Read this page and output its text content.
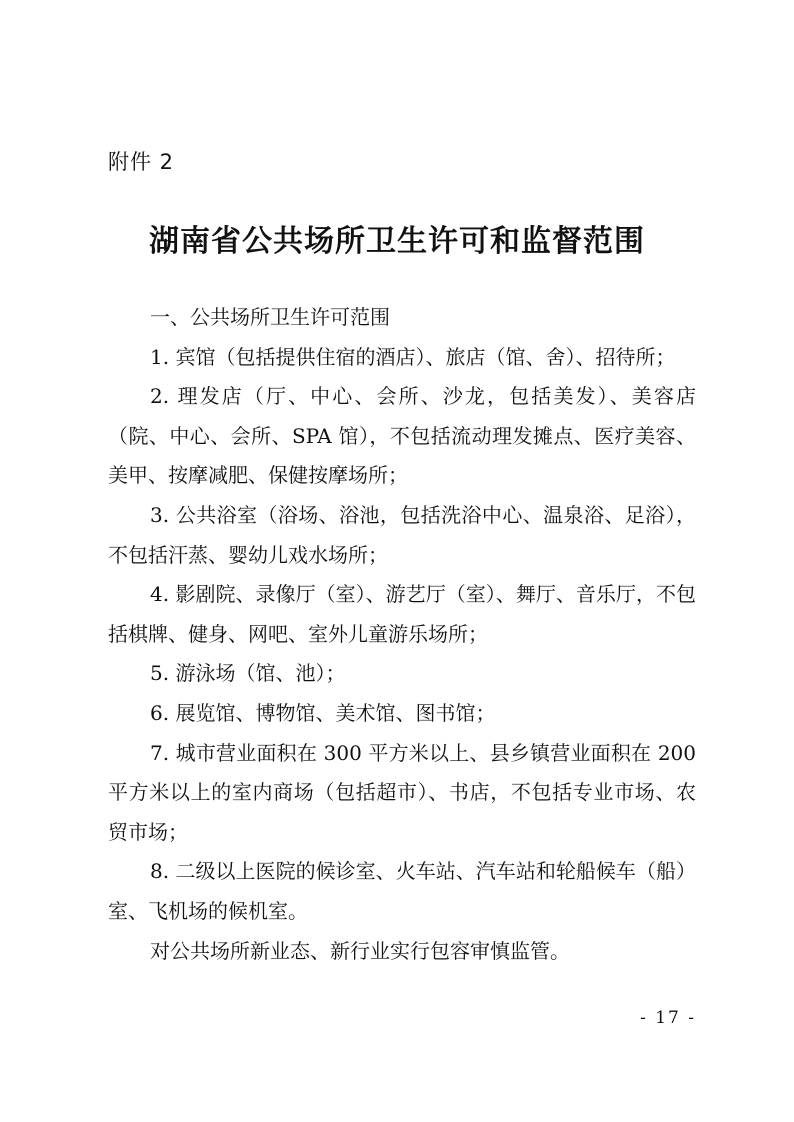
附件 2
湖南省公共场所卫生许可和监督范围

一、公共场所卫生许可范围

1. 宾馆（包括提供住宿的酒店）、旅店（馆、舍）、招待所；

2. 理发店（厅、中心、会所、沙龙，包括美发）、美容店（院、中心、会所、SPA 馆），不包括流动理发摊点、医疗美容、美甲、按摩减肥、保健按摩场所；

3. 公共浴室（浴场、浴池，包括洗浴中心、温泉浴、足浴），不包括汗蒸、婴幼儿戏水场所；

4. 影剧院、录像厅（室）、游艺厅（室）、舞厅、音乐厅，不包括棋牌、健身、网吧、室外儿童游乐场所；

5. 游泳场（馆、池）；

6. 展览馆、博物馆、美术馆、图书馆；

7. 城市营业面积在 300 平方米以上、县乡镇营业面积在 200 平方米以上的室内商场（包括超市）、书店，不包括专业市场、农贸市场；

8. 二级以上医院的候诊室、火车站、汽车站和轮船候车（船）室、飞机场的候机室。

对公共场所新业态、新行业实行包容审慎监管。

- 17 -
